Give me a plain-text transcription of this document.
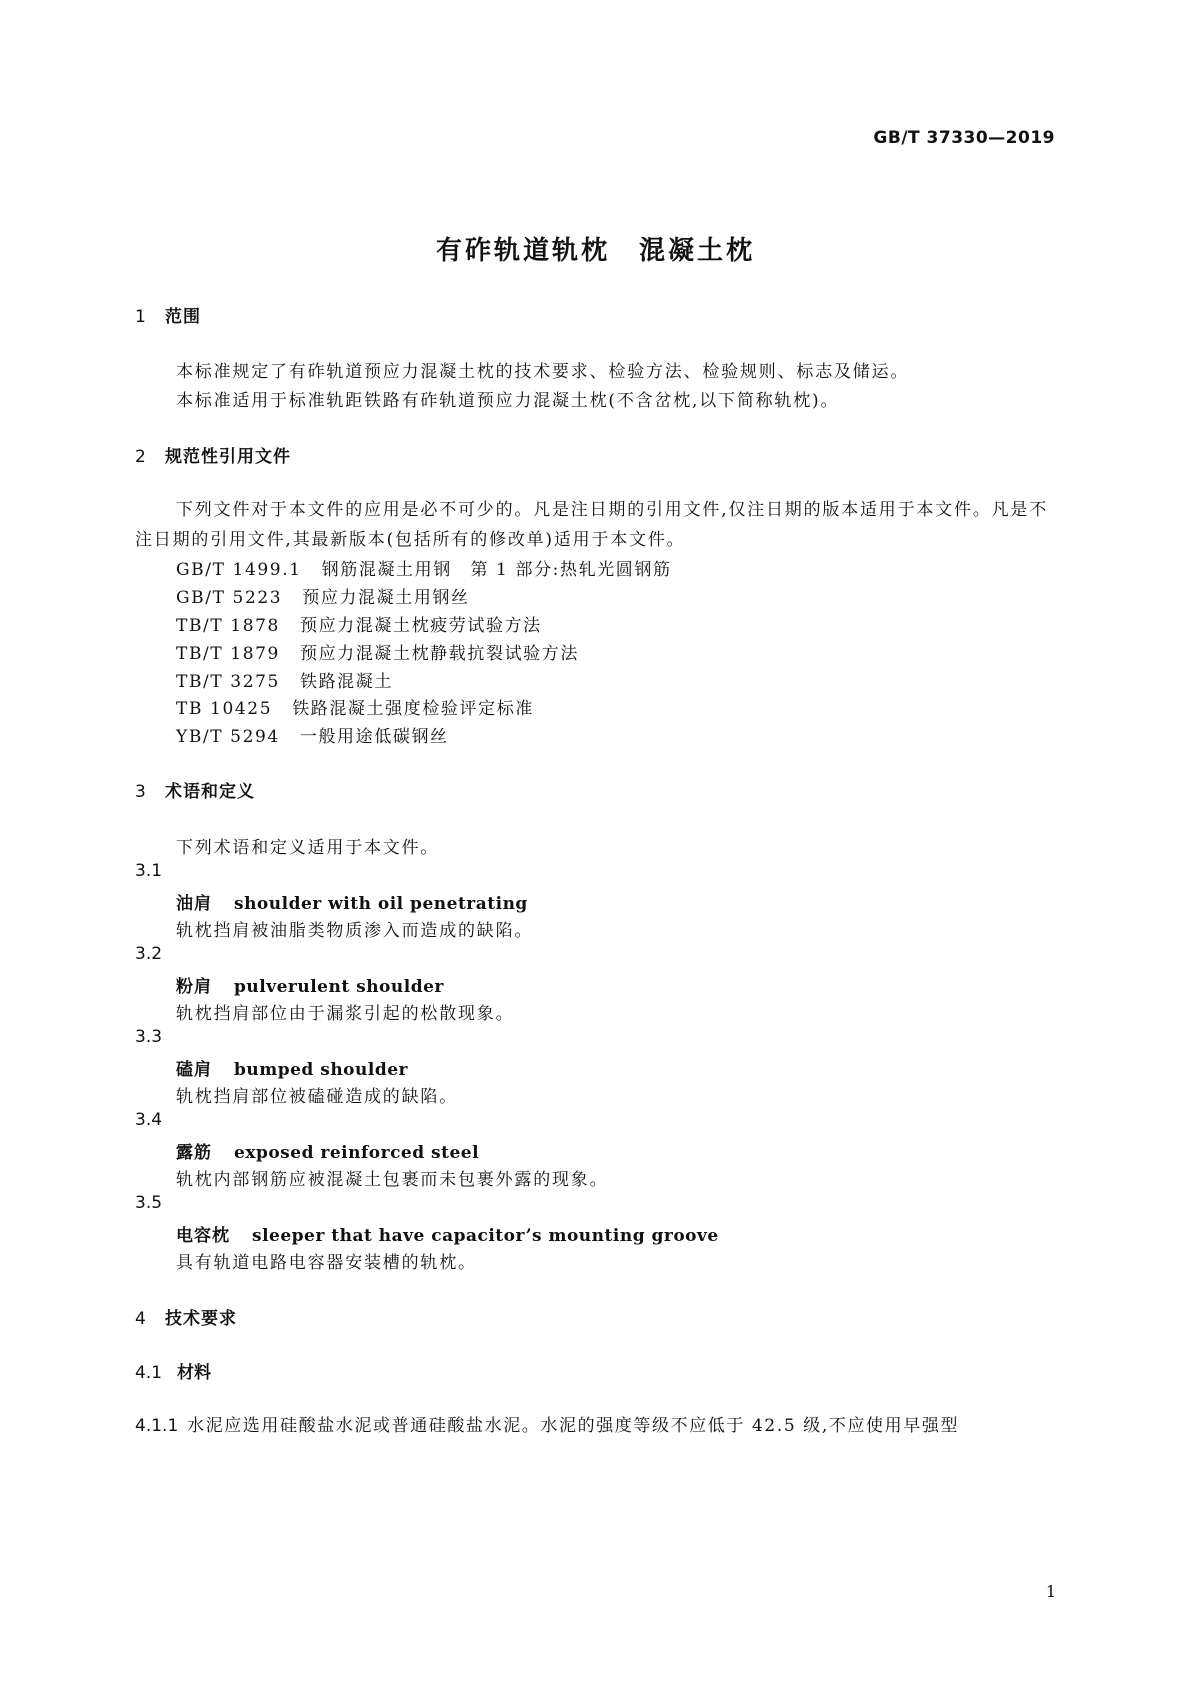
GB/T 37330—2019
有砟轨道轨枕　混凝土枕
1 范围
本标准规定了有砟轨道预应力混凝土枕的技术要求、检验方法、检验规则、标志及储运。
本标准适用于标准轨距铁路有砟轨道预应力混凝土枕(不含岔枕,以下简称轨枕)。
2 规范性引用文件
下列文件对于本文件的应用是必不可少的。凡是注日期的引用文件,仅注日期的版本适用于本文件。凡是不注日期的引用文件,其最新版本(包括所有的修改单)适用于本文件。
GB/T 1499.1 钢筋混凝土用钢　第 1 部分:热轧光圆钢筋
GB/T 5223 预应力混凝土用钢丝
TB/T 1878 预应力混凝土枕疲劳试验方法
TB/T 1879 预应力混凝土枕静载抗裂试验方法
TB/T 3275 铁路混凝土
TB 10425 铁路混凝土强度检验评定标准
YB/T 5294 一般用途低碳钢丝
3 术语和定义
下列术语和定义适用于本文件。
3.1
油肩 shoulder with oil penetrating
轨枕挡肩被油脂类物质渗入而造成的缺陷。
3.2
粉肩 pulverulent shoulder
轨枕挡肩部位由于漏浆引起的松散现象。
3.3
磕肩 bumped shoulder
轨枕挡肩部位被磕碰造成的缺陷。
3.4
露筋 exposed reinforced steel
轨枕内部钢筋应被混凝土包裹而未包裹外露的现象。
3.5
电容枕 sleeper that have capacitor’s mounting groove
具有轨道电路电容器安装槽的轨枕。
4 技术要求
4.1 材料
4.1.1 水泥应选用硅酸盐水泥或普通硅酸盐水泥。水泥的强度等级不应低于 42.5 级,不应使用早强型
1
